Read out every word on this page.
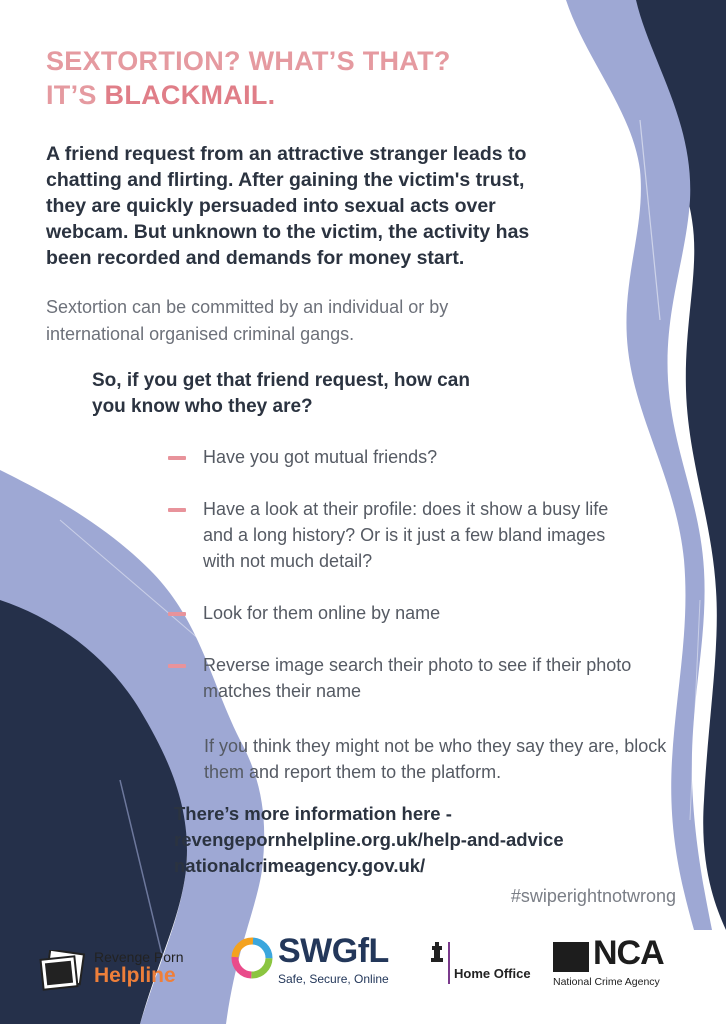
SEXTORTION? WHAT’S THAT?
IT’S BLACKMAIL.

A friend request from an attractive stranger leads to chatting and flirting. After gaining the victim's trust, they are quickly persuaded into sexual acts over webcam. But unknown to the victim, the activity has been recorded and demands for money start.

Sextortion can be committed by an individual or by international organised criminal gangs.

So, if you get that friend request, how can you know who they are?

Have you got mutual friends?
Have a look at their profile: does it show a busy life and a long history? Or is it just a few bland images with not much detail?
Look for them online by name
Reverse image search their photo to see if their photo matches their name

If you think they might not be who they say they are, block them and report them to the platform.

There’s more information here -
revengepornhelpline.org.uk/help-and-advice
nationalcrimeagency.gov.uk/

#swiperightnotwrong

Revenge Porn
Helpline
SWGfL
Safe, Secure, Online	Home Office
NCA
National Crime Agency
